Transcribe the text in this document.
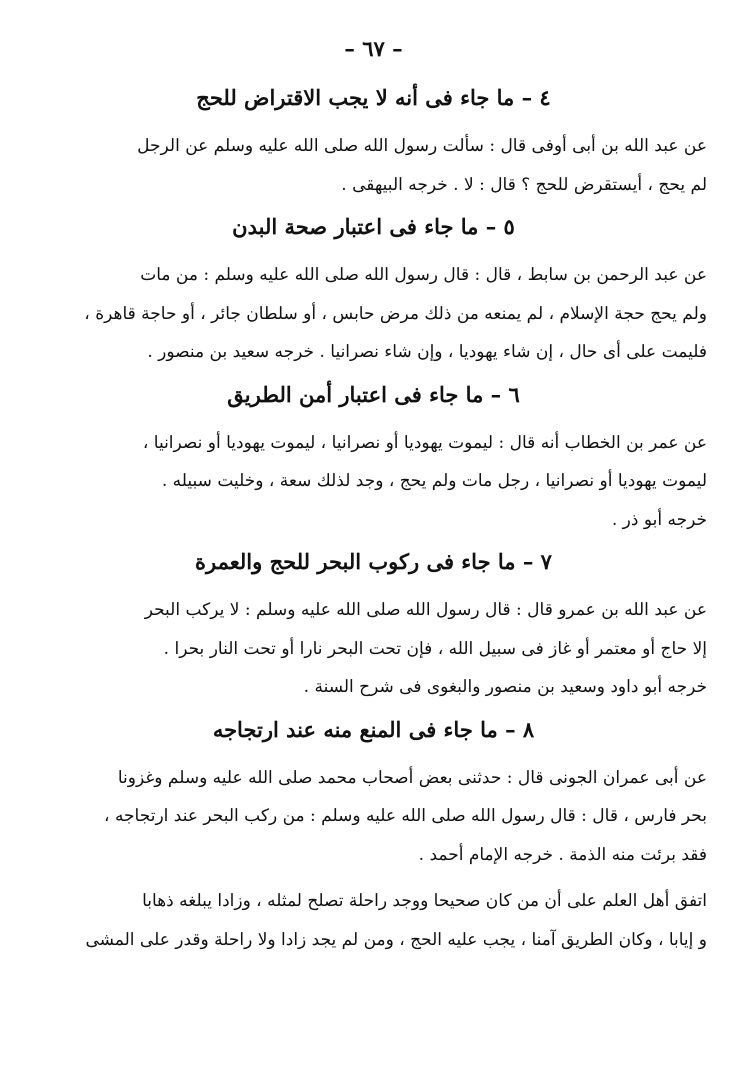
– ٦٧ –
٤ – ما جاء فى أنه لا يجب الاقتراض للحج
عن عبد الله بن أبى أوفى قال : سألت رسول الله صلى الله عليه وسلم عن الرجل
لم يحج ، أيستقرض للحج ؟ قال : لا . خرجه البيهقى .
٥ – ما جاء فى اعتبار صحة البدن
عن عبد الرحمن بن سابط ، قال : قال رسول الله صلى الله عليه وسلم : من مات
ولم يحج حجة الإسلام ، لم يمنعه من ذلك مرض حابس ، أو سلطان جائر ، أو حاجة قاهرة ،
فليمت على أى حال ، إن شاء يهوديا ، وإن شاء نصرانيا . خرجه سعيد بن منصور .
٦ – ما جاء فى اعتبار أمن الطريق
عن عمر بن الخطاب أنه قال : ليموت يهوديا أو نصرانيا ، ليموت يهوديا أو نصرانيا ،
ليموت يهوديا أو نصرانيا ، رجل مات ولم يحج ، وجد لذلك سعة ، وخليت سبيله .
خرجه أبو ذر .
٧ – ما جاء فى ركوب البحر للحج والعمرة
عن عبد الله بن عمرو قال : قال رسول الله صلى الله عليه وسلم : لا يركب البحر
إلا حاج أو معتمر أو غاز فى سبيل الله ، فإن تحت البحر نارا أو تحت النار بحرا .
خرجه أبو داود وسعيد بن منصور والبغوى فى شرح السنة .
٨ – ما جاء فى المنع منه عند ارتجاجه
عن أبى عمران الجونى قال : حدثنى بعض أصحاب محمد صلى الله عليه وسلم وغزونا
بحر فارس ، قال : قال رسول الله صلى الله عليه وسلم : من ركب البحر عند ارتجاجه ،
فقد برئت منه الذمة . خرجه الإمام أحمد .
اتفق أهل العلم على أن من كان صحيحا ووجد راحلة تصلح لمثله ، وزادا يبلغه ذهابا
و إيابا ، وكان الطريق آمنا ، يجب عليه الحج ، ومن لم يجد زادا ولا راحلة وقدر على المشى
